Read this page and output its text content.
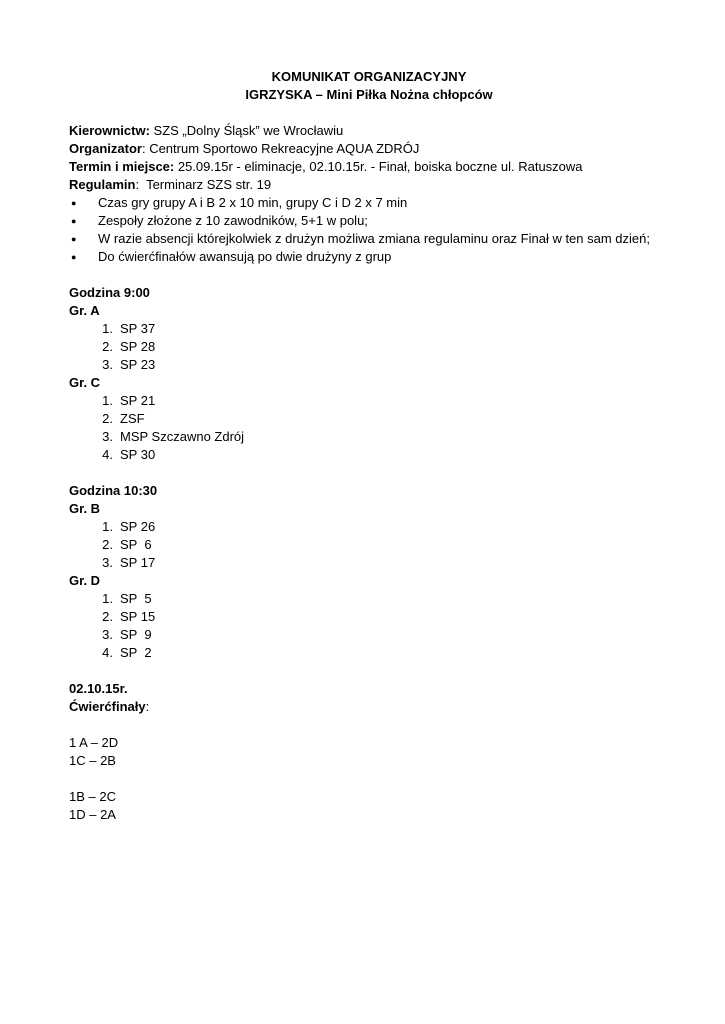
KOMUNIKAT ORGANIZACYJNY
IGRZYSKA – Mini Piłka Nożna chłopców
Kierownictw: SZS „Dolny Śląsk” we Wrocławiu
Organizator: Centrum Sportowo Rekreacyjne AQUA ZDRÓJ
Termin i miejsce: 25.09.15r - eliminacje, 02.10.15r. - Finał, boiska boczne ul. Ratuszowa
Regulamin:  Terminarz SZS str. 19
● Czas gry grupy A i B 2 x 10 min, grupy C i D 2 x 7 min
● Zespoły złożone z 10 zawodników, 5+1 w polu;
● W razie absencji którejkolwiek z drużyn możliwa zmiana regulaminu oraz Finał w ten sam dzień;
● Do ćwierćfinałów awansują po dwie drużyny z grup
Godzina 9:00
Gr. A
1. SP 37
2. SP 28
3. SP 23
Gr. C
1. SP 21
2. ZSF
3. MSP Szczawno Zdrój
4. SP 30
Godzina 10:30
Gr. B
1. SP 26
2. SP  6
3. SP 17
Gr. D
1. SP  5
2. SP 15
3. SP  9
4. SP  2
02.10.15r.
Ćwierćfinały:
1 A – 2D
1C – 2B
1B – 2C
1D – 2A
